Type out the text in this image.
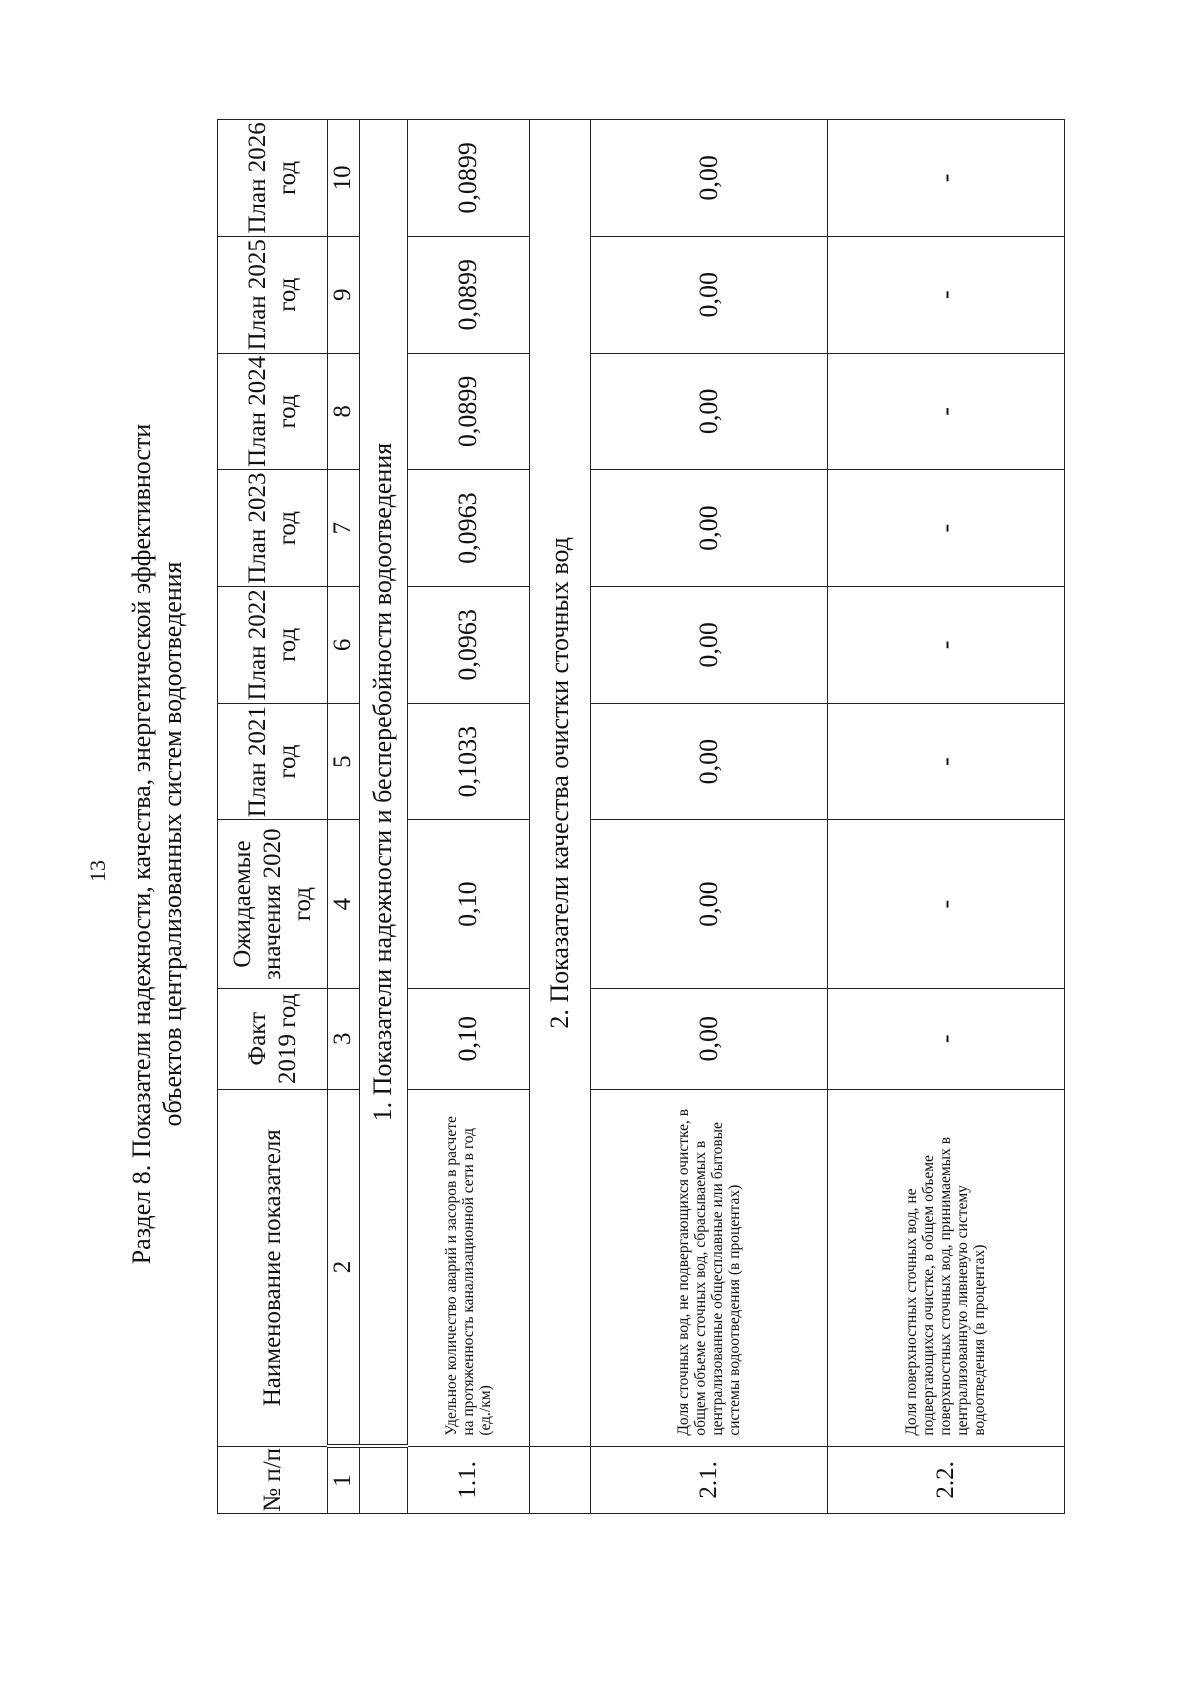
13 Раздел 8. Показатели надежности, качества, энергетической эффективности объектов централизованных систем водоотведения
№ п/п	Наименование показателя	Факт 2019 год	Ожидаемые значения 2020 год	План 2021 год	План 2022 год	План 2023 год	План 2024 год	План 2025 год	План 2026 год
1	2	3	4	5	6	7	8	9	10
	1. Показатели надежности и бесперебойности водоотведения								
1.1.	Удельное количество аварий и засоров в расчете на протяженность канализационной сети в год (ед./км)	0,10	0,10	0,1033	0,0963	0,0963	0,0899	0,0899	0,0899
	2. Показатели качества очистки сточных вод								
2.1.	Доля сточных вод, не подвергающихся очистке, в общем объеме сточных вод, сбрасываемых в централизованные общесплавные или бытовые системы водоотведения (в процентах)	0,00	0,00	0,00	0,00	0,00	0,00	0,00	0,00
2.2.	Доля поверхностных сточных вод, не подвергающихся очистке, в общем объеме поверхностных сточных вод, принимаемых в централизованную ливневую систему водоотведения (в процентах)	-	-	-	-	-	-	-	-
